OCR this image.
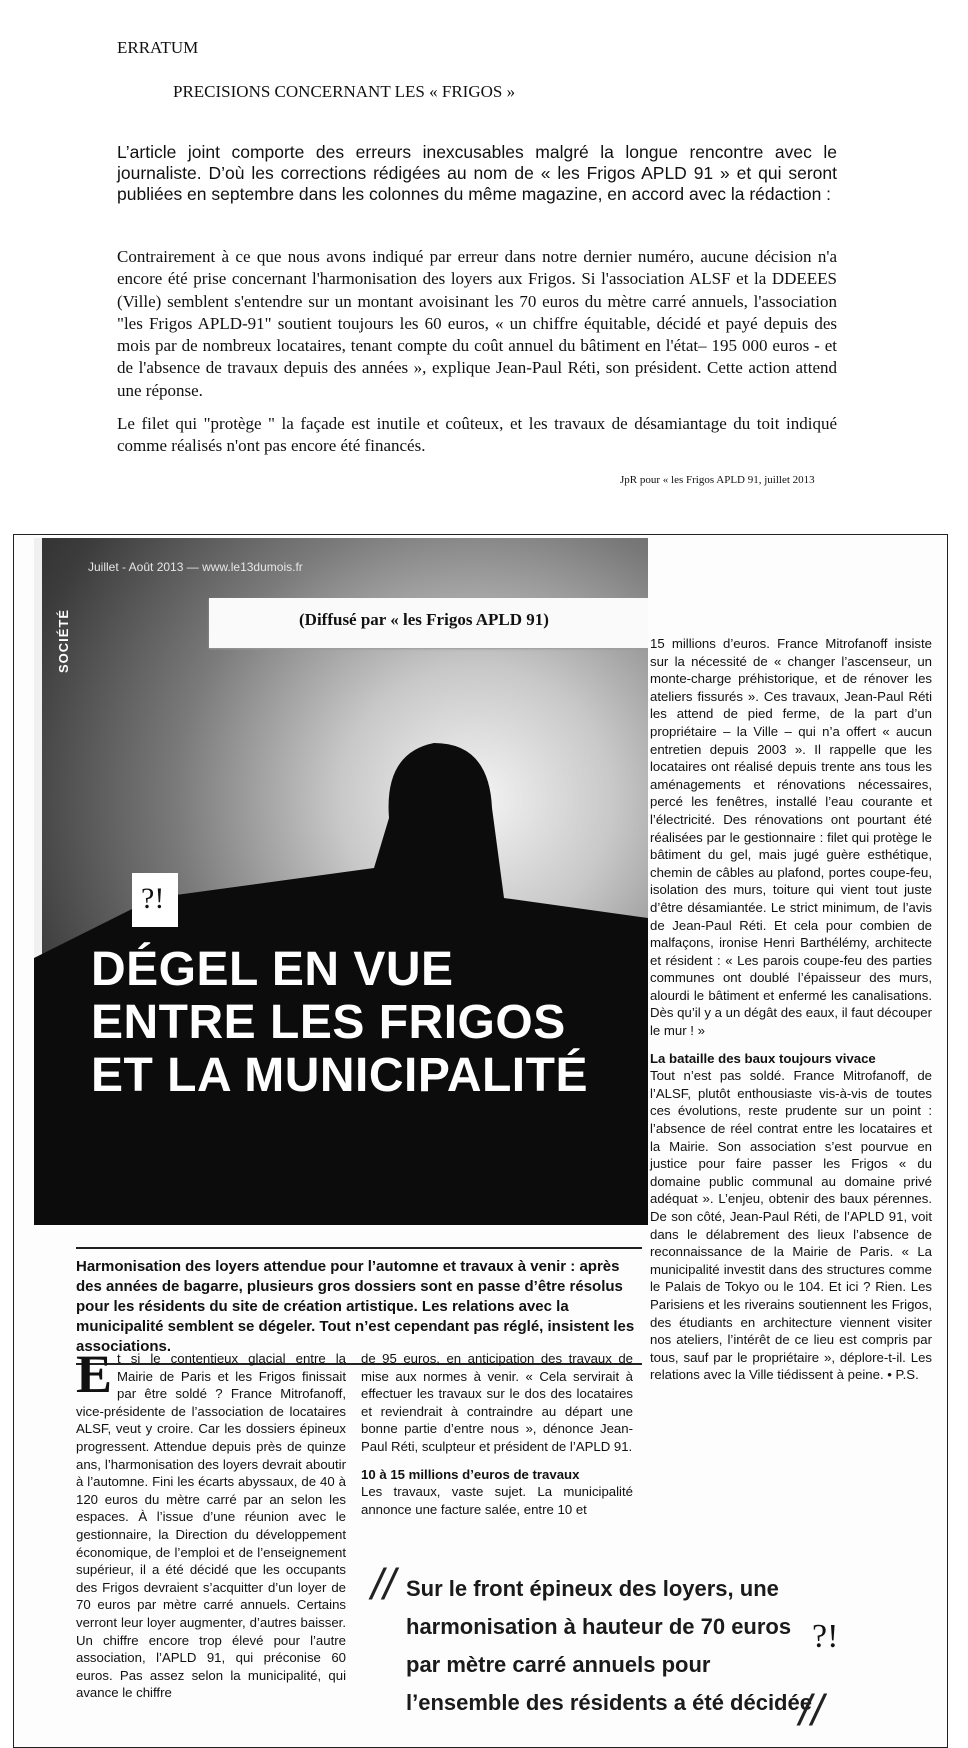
ERRATUM
PRECISIONS CONCERNANT LES « FRIGOS »
L’article joint comporte des erreurs inexcusables malgré la longue rencontre avec le journaliste. D’où les corrections rédigées au nom de « les Frigos APLD 91 » et qui seront publiées en septembre dans les colonnes du même magazine, en accord avec la rédaction :
Contrairement à ce que nous avons indiqué par erreur dans notre dernier numéro, aucune décision n'a encore été prise concernant l'harmonisation des loyers aux Frigos. Si l'association ALSF et la DDEEES (Ville) semblent s'entendre sur un montant avoisinant les 70 euros du mètre carré annuels, l'association "les Frigos APLD-91" soutient toujours les 60 euros, « un chiffre équitable, décidé et payé depuis des mois par de nombreux locataires, tenant compte du coût annuel du bâtiment en l'état– 195 000 euros - et de l'absence de travaux depuis des années », explique Jean-Paul Réti, son président. Cette action attend une réponse.
Le filet qui "protège " la façade est inutile et coûteux, et les travaux de désamiantage du toit indiqué comme réalisés n'ont pas encore été financés.
JpR pour « les Frigos APLD 91, juillet 2013
Juillet - Août 2013 — www.le13dumois.fr
SOCIÉTÉ	(Diffusé par « les Frigos APLD 91)
?!
DÉGEL EN VUE ENTRE LES FRIGOS ET LA MUNICIPALITÉ
Harmonisation des loyers attendue pour l’automne et travaux à venir : après des années de bagarre, plusieurs gros dossiers sont en passe d’être résolus pour les résidents du site de création artistique. Les relations avec la municipalité semblent se dégeler. Tout n’est cependant pas réglé, insistent les associations.
E t si le contentieux glacial entre la Mairie de Paris et les Frigos finissait par être soldé ? France Mitrofanoff, vice-présidente de l’association de locataires ALSF, veut y croire. Car les dossiers épineux progressent. Attendue depuis près de quinze ans, l’harmonisation des loyers devrait aboutir à l’automne. Fini les écarts abyssaux, de 40 à 120 euros du mètre carré par an selon les espaces. À l’issue d’une réunion avec le gestionnaire, la Direction du développement économique, de l’emploi et de l’enseignement supérieur, il a été décidé que les occupants des Frigos devraient s’acquitter d’un loyer de 70 euros par mètre carré annuels. Certains verront leur loyer augmenter, d’autres baisser. Un chiffre encore trop élevé pour l’autre association, l’APLD 91, qui préconise 60 euros. Pas assez selon la municipalité, qui avance le chiffre
de 95 euros, en anticipation des travaux de mise aux normes à venir. « Cela servirait à effectuer les travaux sur le dos des locataires et reviendrait à contraindre au départ une bonne partie d’entre nous », dénonce Jean-Paul Réti, sculpteur et président de l’APLD 91.
10 à 15 millions d’euros de travaux
Les travaux, vaste sujet. La municipalité annonce une facture salée, entre 10 et
15 millions d’euros. France Mitrofanoff insiste sur la nécessité de « changer l’ascenseur, un monte-charge préhistorique, et de rénover les ateliers fissurés ». Ces travaux, Jean-Paul Réti les attend de pied ferme, de la part d’un propriétaire – la Ville – qui n’a offert « aucun entretien depuis 2003 ». Il rappelle que les locataires ont réalisé depuis trente ans tous les aménagements et rénovations nécessaires, percé les fenêtres, installé l’eau courante et l’électricité. Des rénovations ont pourtant été réalisées par le gestionnaire : filet qui protège le bâtiment du gel, mais jugé guère esthétique, chemin de câbles au plafond, portes coupe-feu, isolation des murs, toiture qui vient tout juste d’être désamiantée. Le strict minimum, de l’avis de Jean-Paul Réti. Et cela pour combien de malfaçons, ironise Henri Barthélémy, architecte et résident : « Les parois coupe-feu des parties communes ont doublé l’épaisseur des murs, alourdi le bâtiment et enfermé les canalisations. Dès qu’il y a un dégât des eaux, il faut découper le mur ! »
La bataille des baux toujours vivace
Tout n’est pas soldé. France Mitrofanoff, de l’ALSF, plutôt enthousiaste vis-à-vis de toutes ces évolutions, reste prudente sur un point : l’absence de réel contrat entre les locataires et la Mairie. Son association s’est pourvue en justice pour faire passer les Frigos « du domaine public communal au domaine privé adéquat ». L’enjeu, obtenir des baux pérennes. De son côté, Jean-Paul Réti, de l’APLD 91, voit dans le délabrement des lieux l’absence de reconnaissance de la Mairie de Paris. « La municipalité investit dans des structures comme le Palais de Tokyo ou le 104. Et ici ? Rien. Les Parisiens et les riverains soutiennent les Frigos, des étudiants en architecture viennent visiter nos ateliers, l’intérêt de ce lieu est compris par tous, sauf par le propriétaire », déplore-t-il. Les relations avec la Ville tiédissent à peine. • P.S.
// Sur le front épineux des loyers, une harmonisation à hauteur de 70 euros par mètre carré annuels pour l’ensemble des résidents a été décidée
?!
//
